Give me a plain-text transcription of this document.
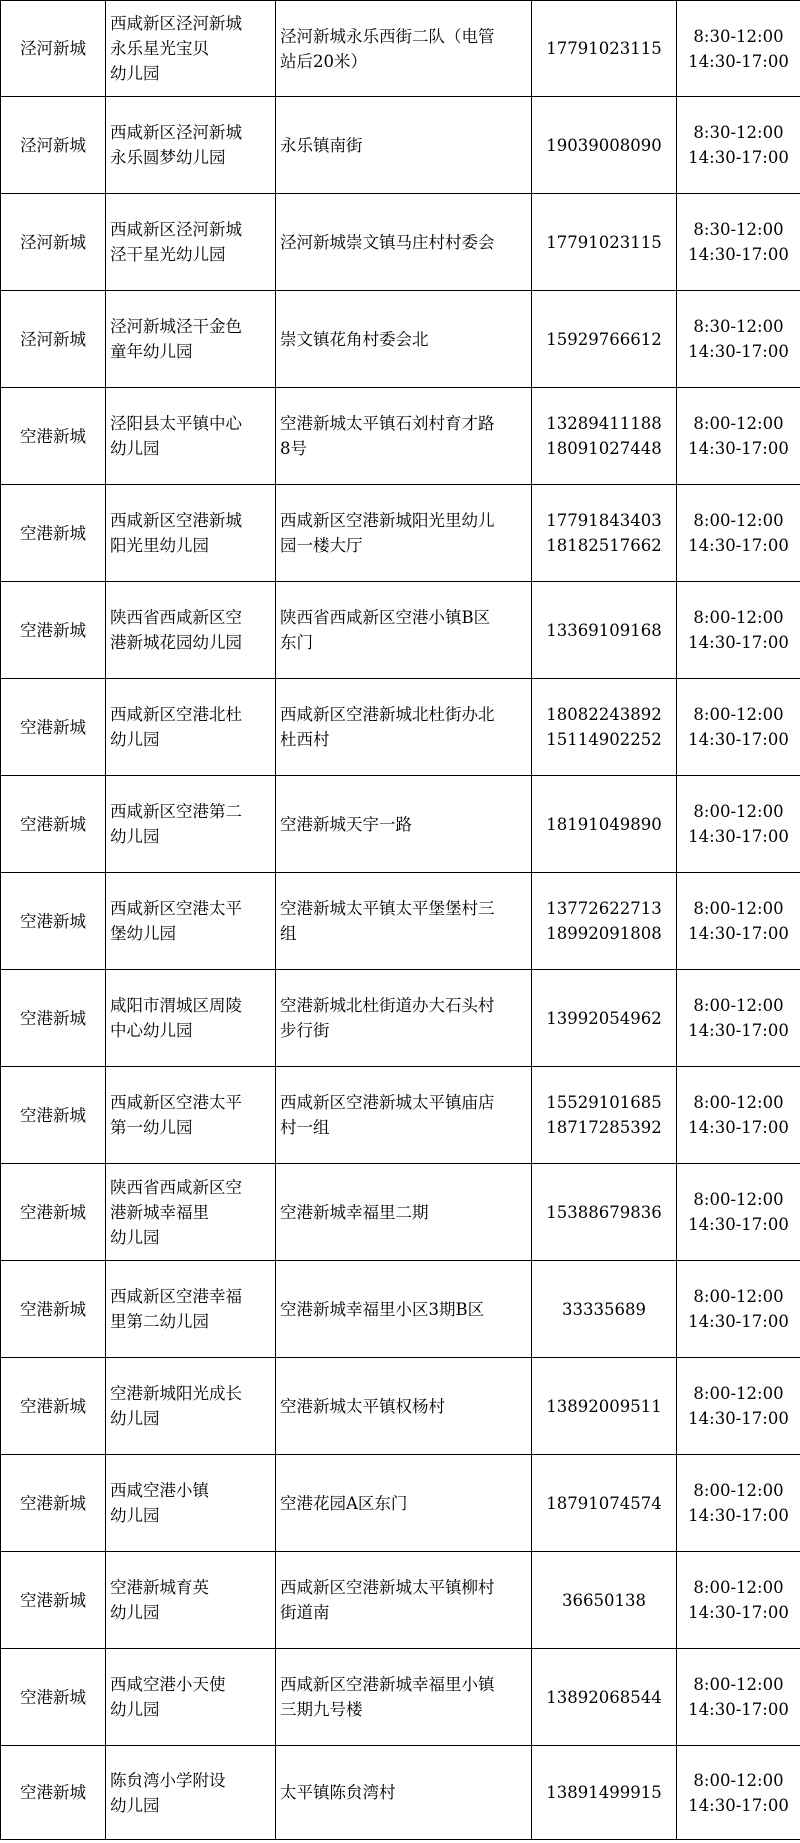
泾河新城	西咸新区泾河新城
永乐星光宝贝
幼儿园	泾河新城永乐西街二队（电管
站后20米）	17791023115	8:30-12:00
14:30-17:00

泾河新城	西咸新区泾河新城
永乐圆梦幼儿园	永乐镇南街	19039008090	8:30-12:00
14:30-17:00

泾河新城	西咸新区泾河新城
泾干星光幼儿园	泾河新城崇文镇马庄村村委会	17791023115	8:30-12:00
14:30-17:00

泾河新城	泾河新城泾干金色
童年幼儿园	崇文镇花角村委会北	15929766612	8:30-12:00
14:30-17:00

空港新城	泾阳县太平镇中心
幼儿园	空港新城太平镇石刘村育才路
8号	13289411188
18091027448	8:00-12:00
14:30-17:00

空港新城	西咸新区空港新城
阳光里幼儿园	西咸新区空港新城阳光里幼儿
园一楼大厅	17791843403
18182517662	8:00-12:00
14:30-17:00

空港新城	陕西省西咸新区空
港新城花园幼儿园	陕西省西咸新区空港小镇B区
东门	13369109168	8:00-12:00
14:30-17:00

空港新城	西咸新区空港北杜
幼儿园	西咸新区空港新城北杜街办北
杜西村	18082243892
15114902252	8:00-12:00
14:30-17:00

空港新城	西咸新区空港第二
幼儿园	空港新城天宇一路	18191049890	8:00-12:00
14:30-17:00

空港新城	西咸新区空港太平
堡幼儿园	空港新城太平镇太平堡堡村三
组	13772622713
18992091808	8:00-12:00
14:30-17:00

空港新城	咸阳市渭城区周陵
中心幼儿园	空港新城北杜街道办大石头村
步行街	13992054962	8:00-12:00
14:30-17:00

空港新城	西咸新区空港太平
第一幼儿园	西咸新区空港新城太平镇庙店
村一组	15529101685
18717285392	8:00-12:00
14:30-17:00

空港新城	陕西省西咸新区空
港新城幸福里
幼儿园	空港新城幸福里二期	15388679836	8:00-12:00
14:30-17:00

空港新城	西咸新区空港幸福
里第二幼儿园	空港新城幸福里小区3期B区	33335689	8:00-12:00
14:30-17:00

空港新城	空港新城阳光成长
幼儿园	空港新城太平镇权杨村	13892009511	8:00-12:00
14:30-17:00

空港新城	西咸空港小镇
幼儿园	空港花园A区东门	18791074574	8:00-12:00
14:30-17:00

空港新城	空港新城育英
幼儿园	西咸新区空港新城太平镇柳村
街道南	36650138	8:00-12:00
14:30-17:00

空港新城	西咸空港小天使
幼儿园	西咸新区空港新城幸福里小镇
三期九号楼	13892068544	8:00-12:00
14:30-17:00

空港新城	陈贠湾小学附设
幼儿园	太平镇陈贠湾村	13891499915	8:00-12:00
14:30-17:00
